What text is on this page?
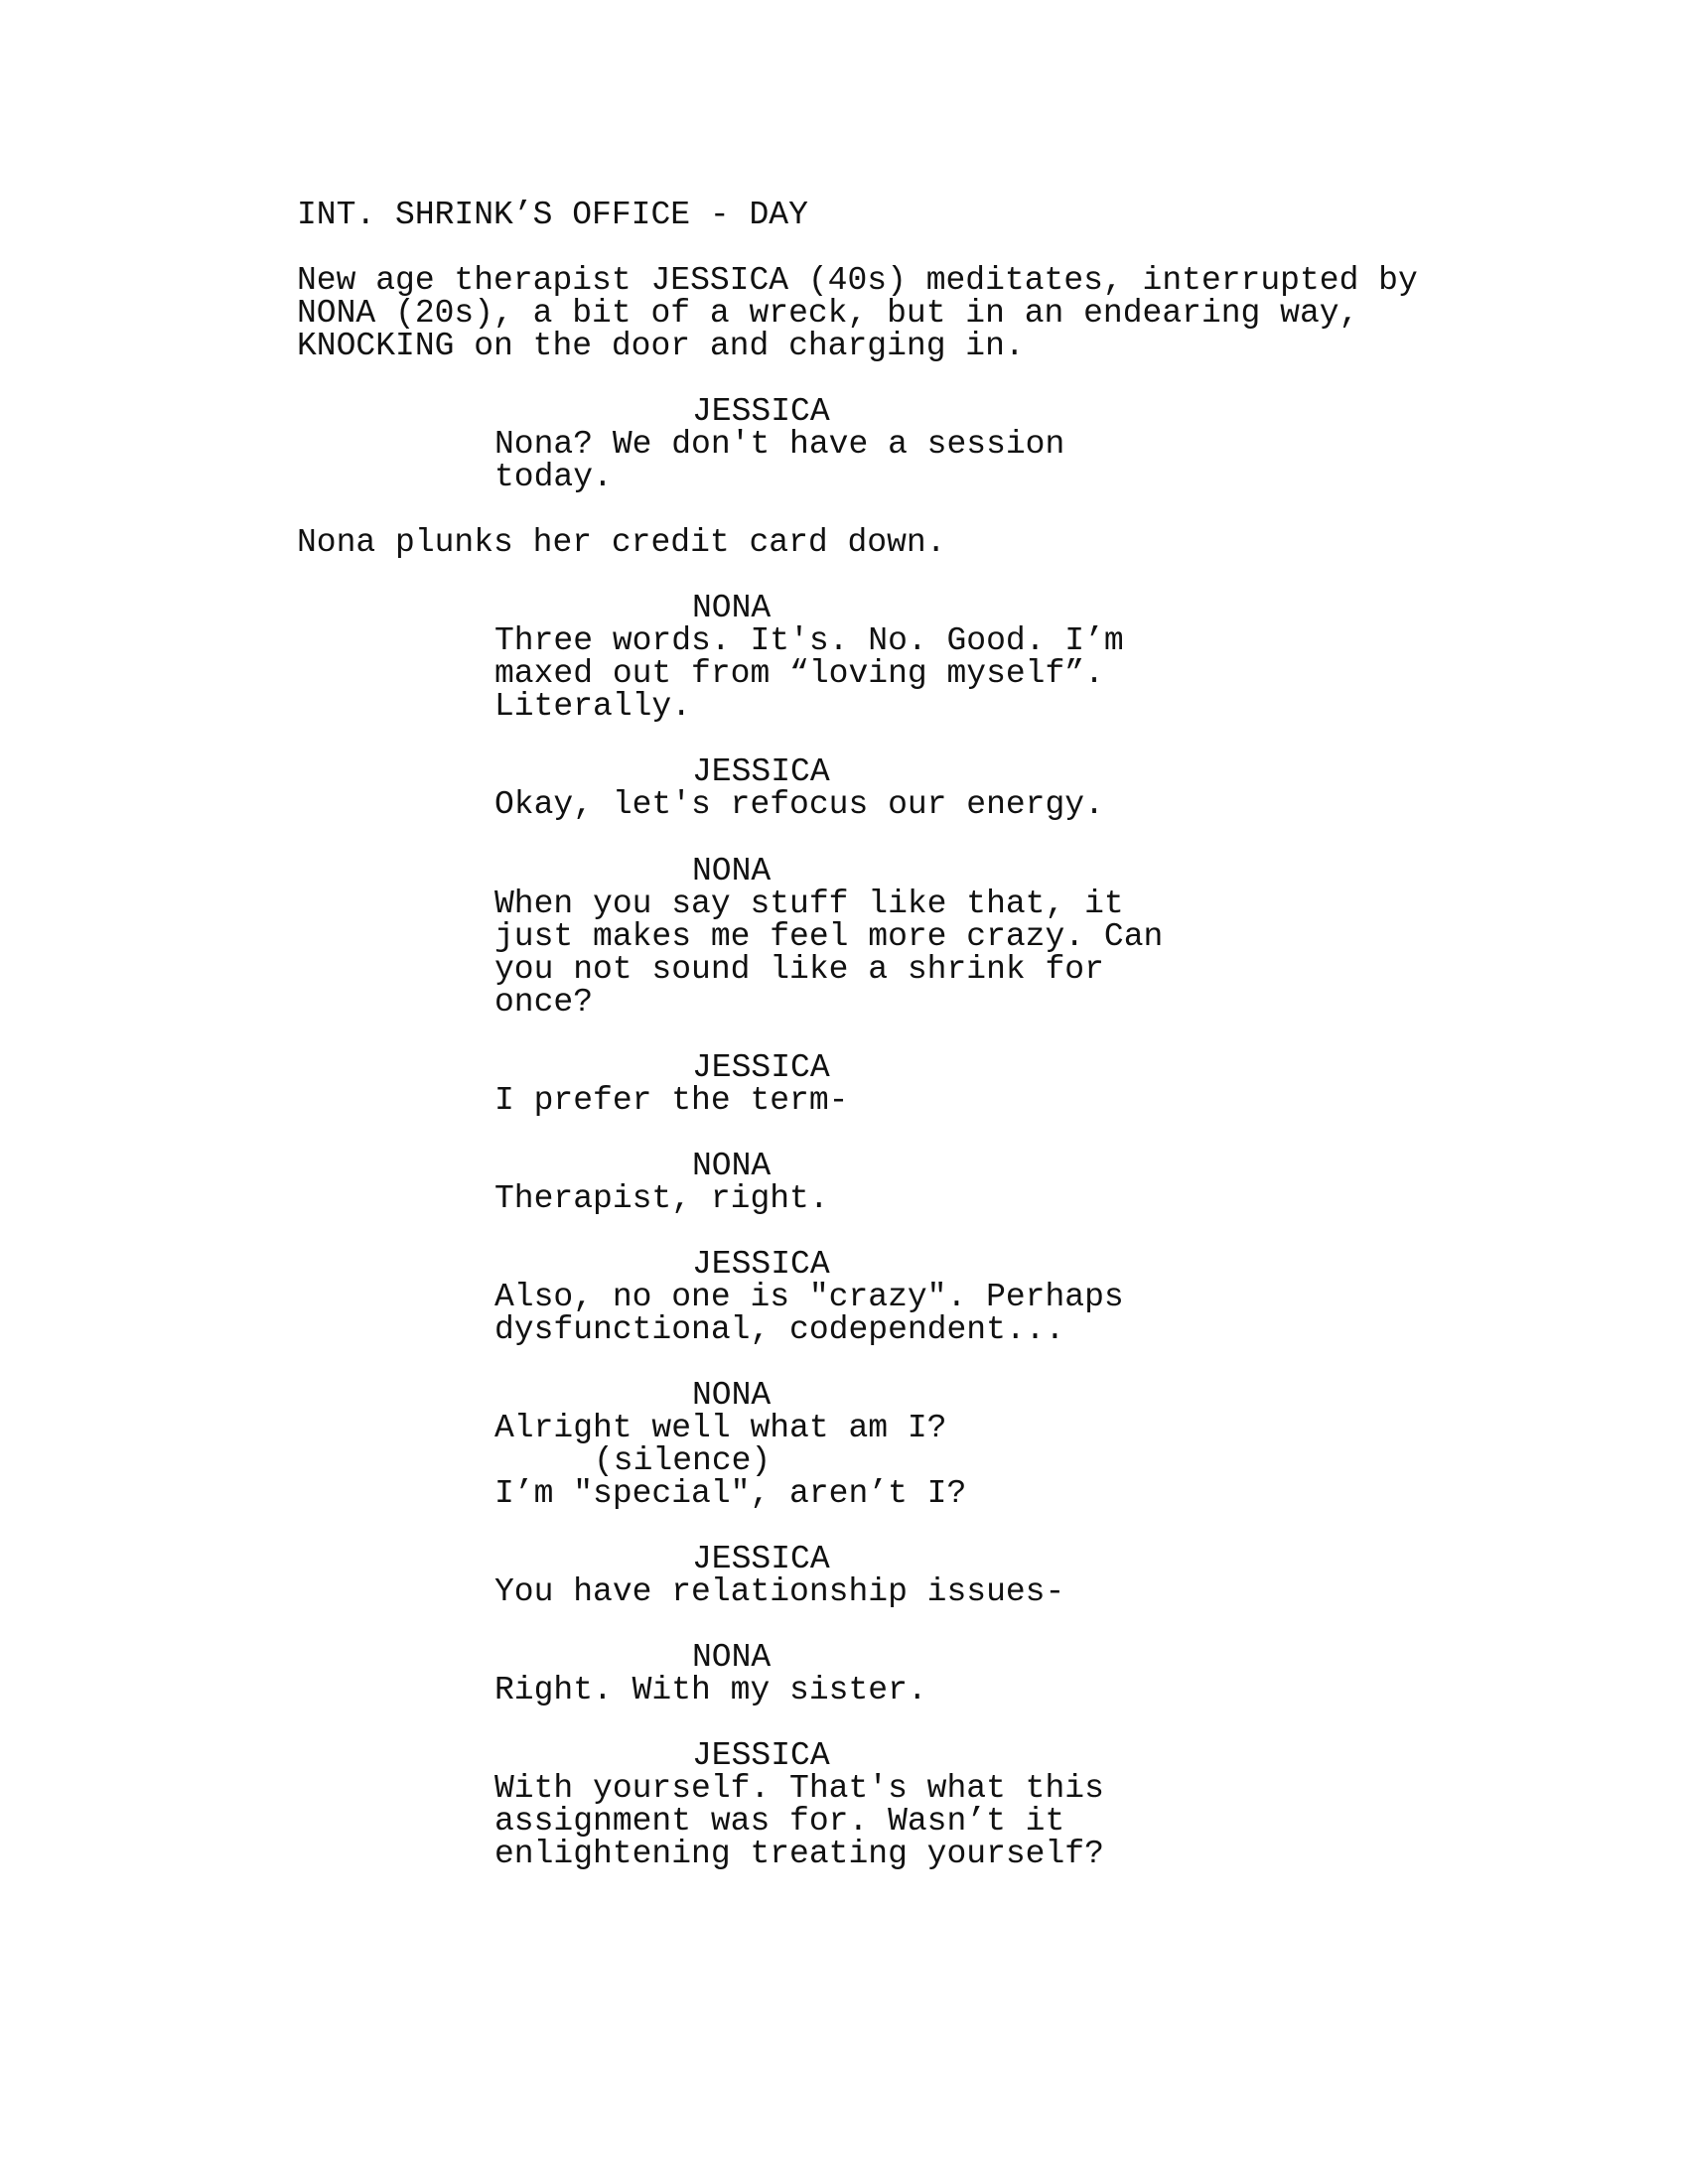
INT. SHRINK’S OFFICE - DAY

New age therapist JESSICA (40s) meditates, interrupted by

NONA (20s), a bit of a wreck, but in an endearing way,

KNOCKING on the door and charging in.

JESSICA

Nona? We don't have a session

today.

Nona plunks her credit card down.

NONA

Three words. It's. No. Good. I’m

maxed out from “loving myself”.

Literally.

JESSICA

Okay, let's refocus our energy.

NONA

When you say stuff like that, it

just makes me feel more crazy. Can

you not sound like a shrink for

once?

JESSICA

I prefer the term-

NONA

Therapist, right.

JESSICA

Also, no one is "crazy". Perhaps

dysfunctional, codependent...

NONA

Alright well what am I?

(silence)

I’m "special", aren’t I?

JESSICA

You have relationship issues-

NONA

Right. With my sister.

JESSICA

With yourself. That's what this

assignment was for. Wasn’t it

enlightening treating yourself?
